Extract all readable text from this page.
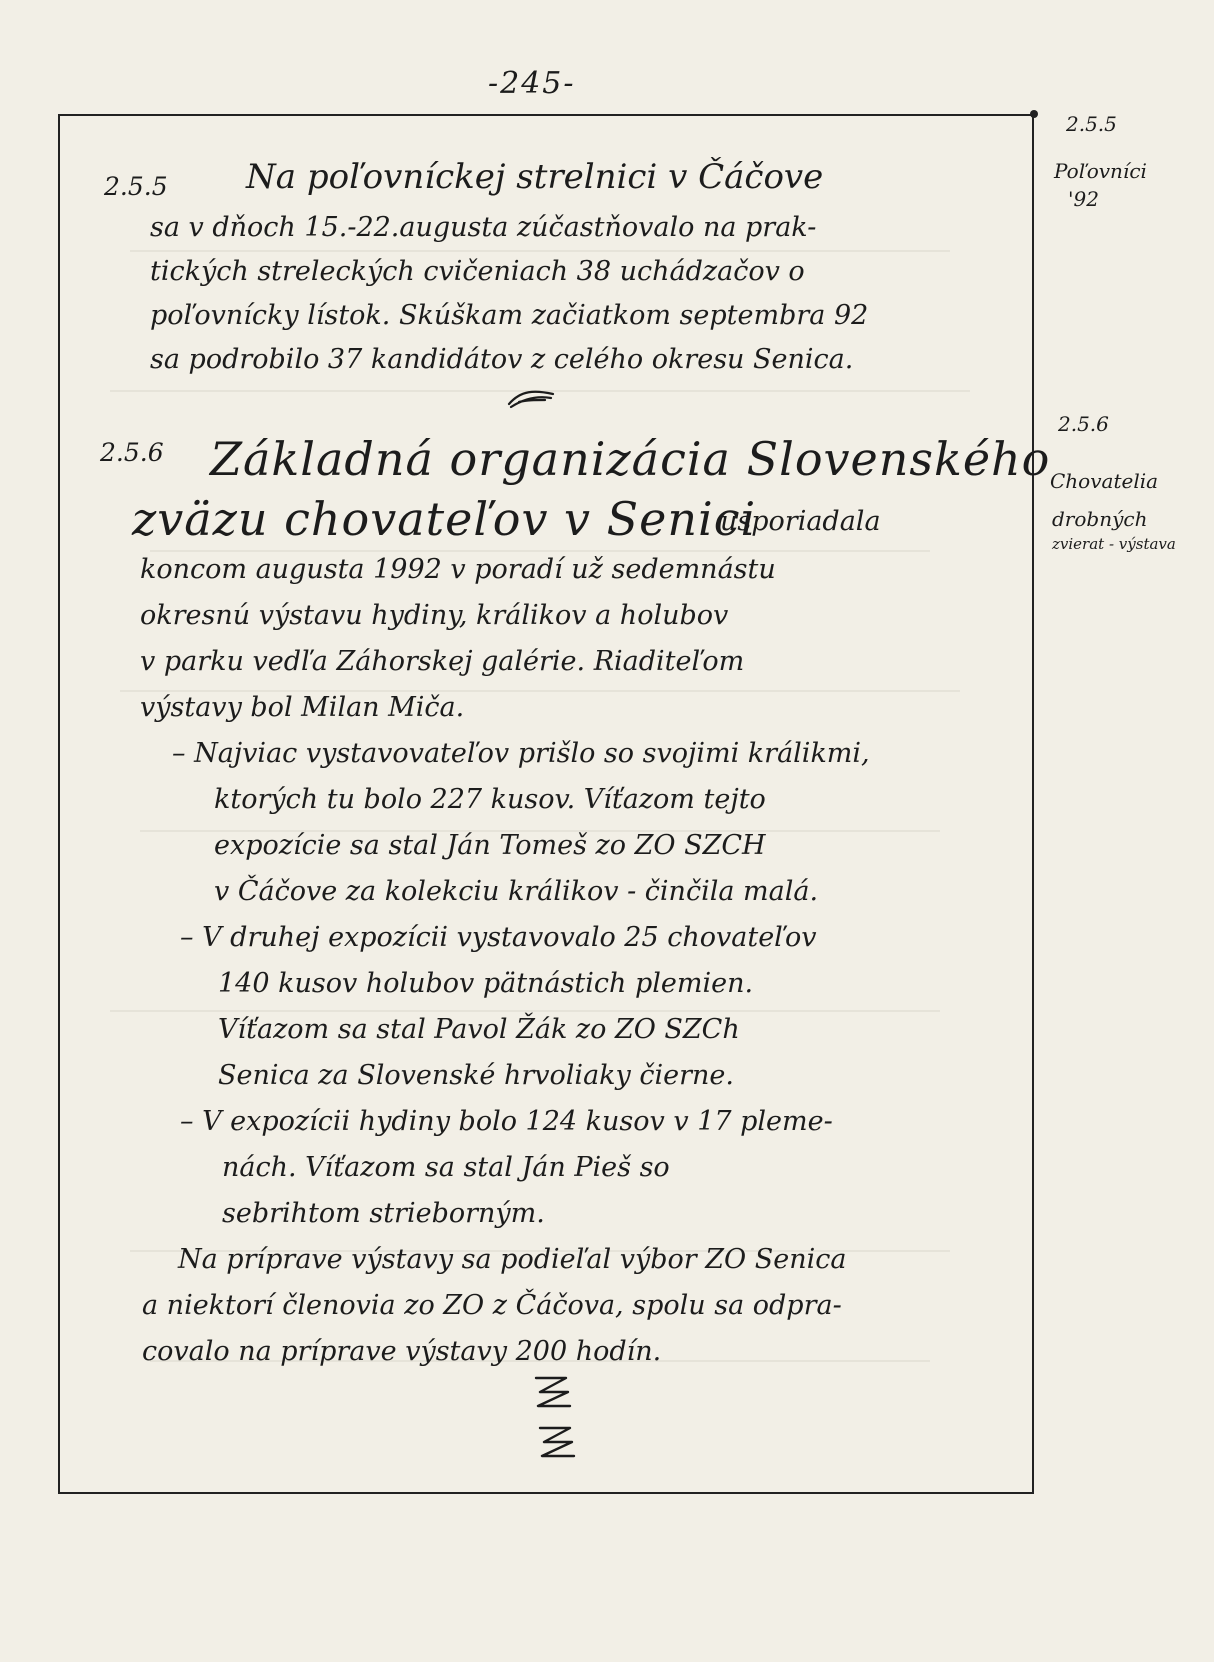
-245-
2.5.5 Na poľovníckej strelnici v Čáčove
sa v dňoch 15.-22.augusta zúčastňovalo na prak-
tických streleckých cvičeniach 38 uchádzačov o
poľovnícky lístok. Skúškam začiatkom septembra 92
sa podrobilo 37 kandidátov z celého okresu Senica.
2.5.6 Základná organizácia Slovenského
zväzu chovateľov v Senici
usporiadala
koncom augusta 1992 v poradí už sedemnástu
okresnú výstavu hydiny, králikov a holubov
v parku vedľa Záhorskej galérie. Riaditeľom
výstavy bol Milan Miča.
– Najviac vystavovateľov prišlo so svojimi králikmi,
ktorých tu bolo 227 kusov. Víťazom tejto
expozície sa stal Ján Tomeš zo ZO SZCH
v Čáčove za kolekciu králikov - činčila malá.
– V druhej expozícii vystavovalo 25 chovateľov
140 kusov holubov pätnástich plemien.
Víťazom sa stal Pavol Žák zo ZO SZCh
Senica za Slovenské hrvoliaky čierne.
– V expozícii hydiny bolo 124 kusov v 17 pleme-
nách. Víťazom sa stal Ján Pieš so
sebrihtom strieborným.
Na príprave výstavy sa podieľal výbor ZO Senica
a niektorí členovia zo ZO z Čáčova, spolu sa odpra-
covalo na príprave výstavy 200 hodín.
2.5.5
Poľovníci
'92
2.5.6
Chovatelia
drobných
zvierat - výstava
